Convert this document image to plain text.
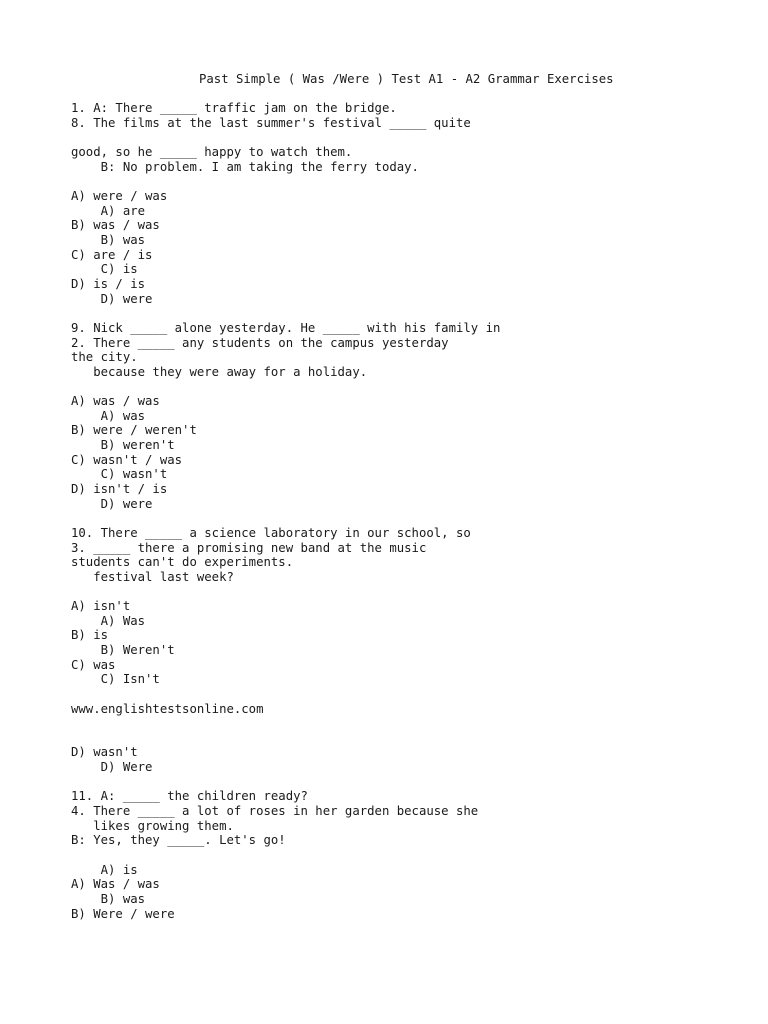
Past Simple ( Was /Were ) Test A1 - A2 Grammar Exercises
1. A: There _____ traffic jam on the bridge.
8. The films at the last summer's festival _____ quite
good, so he _____ happy to watch them.
B: No problem. I am taking the ferry today.
A) were / was
A) are
B) was / was
B) was
C) are / is
C) is
D) is / is
D) were
9. Nick _____ alone yesterday. He _____ with his family in
2. There _____ any students on the campus yesterday
the city.
because they were away for a holiday.
A) was / was
A) was
B) were / weren't
B) weren't
C) wasn't / was
C) wasn't
D) isn't / is
D) were
10. There _____ a science laboratory in our school, so
3. _____ there a promising new band at the music
students can't do experiments.
festival last week?
A) isn't
A) Was
B) is
B) Weren't
C) was
C) Isn't
www.englishtestsonline.com
D) wasn't
D) Were
11. A: _____ the children ready?
4. There _____ a lot of roses in her garden because she
likes growing them.
B: Yes, they _____. Let's go!
A) is
A) Was / was
B) was
B) Were / were
